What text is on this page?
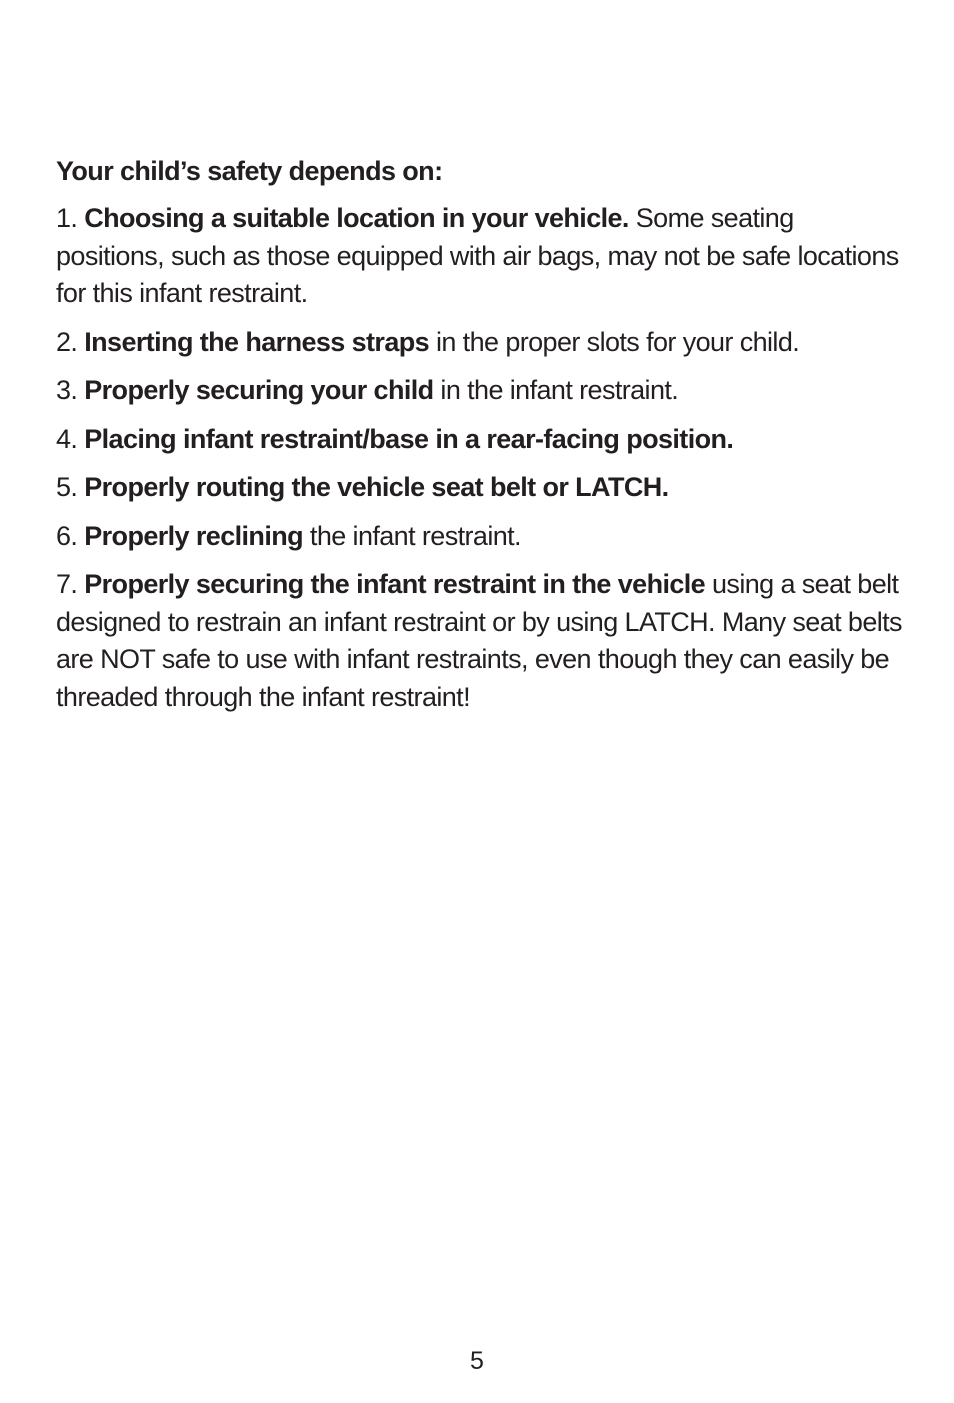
Your child’s safety depends on:

1. Choosing a suitable location in your vehicle. Some seating positions, such as those equipped with air bags, may not be safe locations for this infant restraint.

2. Inserting the harness straps in the proper slots for your child.

3. Properly securing your child in the infant restraint.

4. Placing infant restraint/base in a rear-facing position.

5. Properly routing the vehicle seat belt or LATCH.

6. Properly reclining the infant restraint.

7. Properly securing the infant restraint in the vehicle using a seat belt designed to restrain an infant restraint or by using LATCH. Many seat belts are NOT safe to use with infant restraints, even though they can easily be threaded through the infant restraint!

5
